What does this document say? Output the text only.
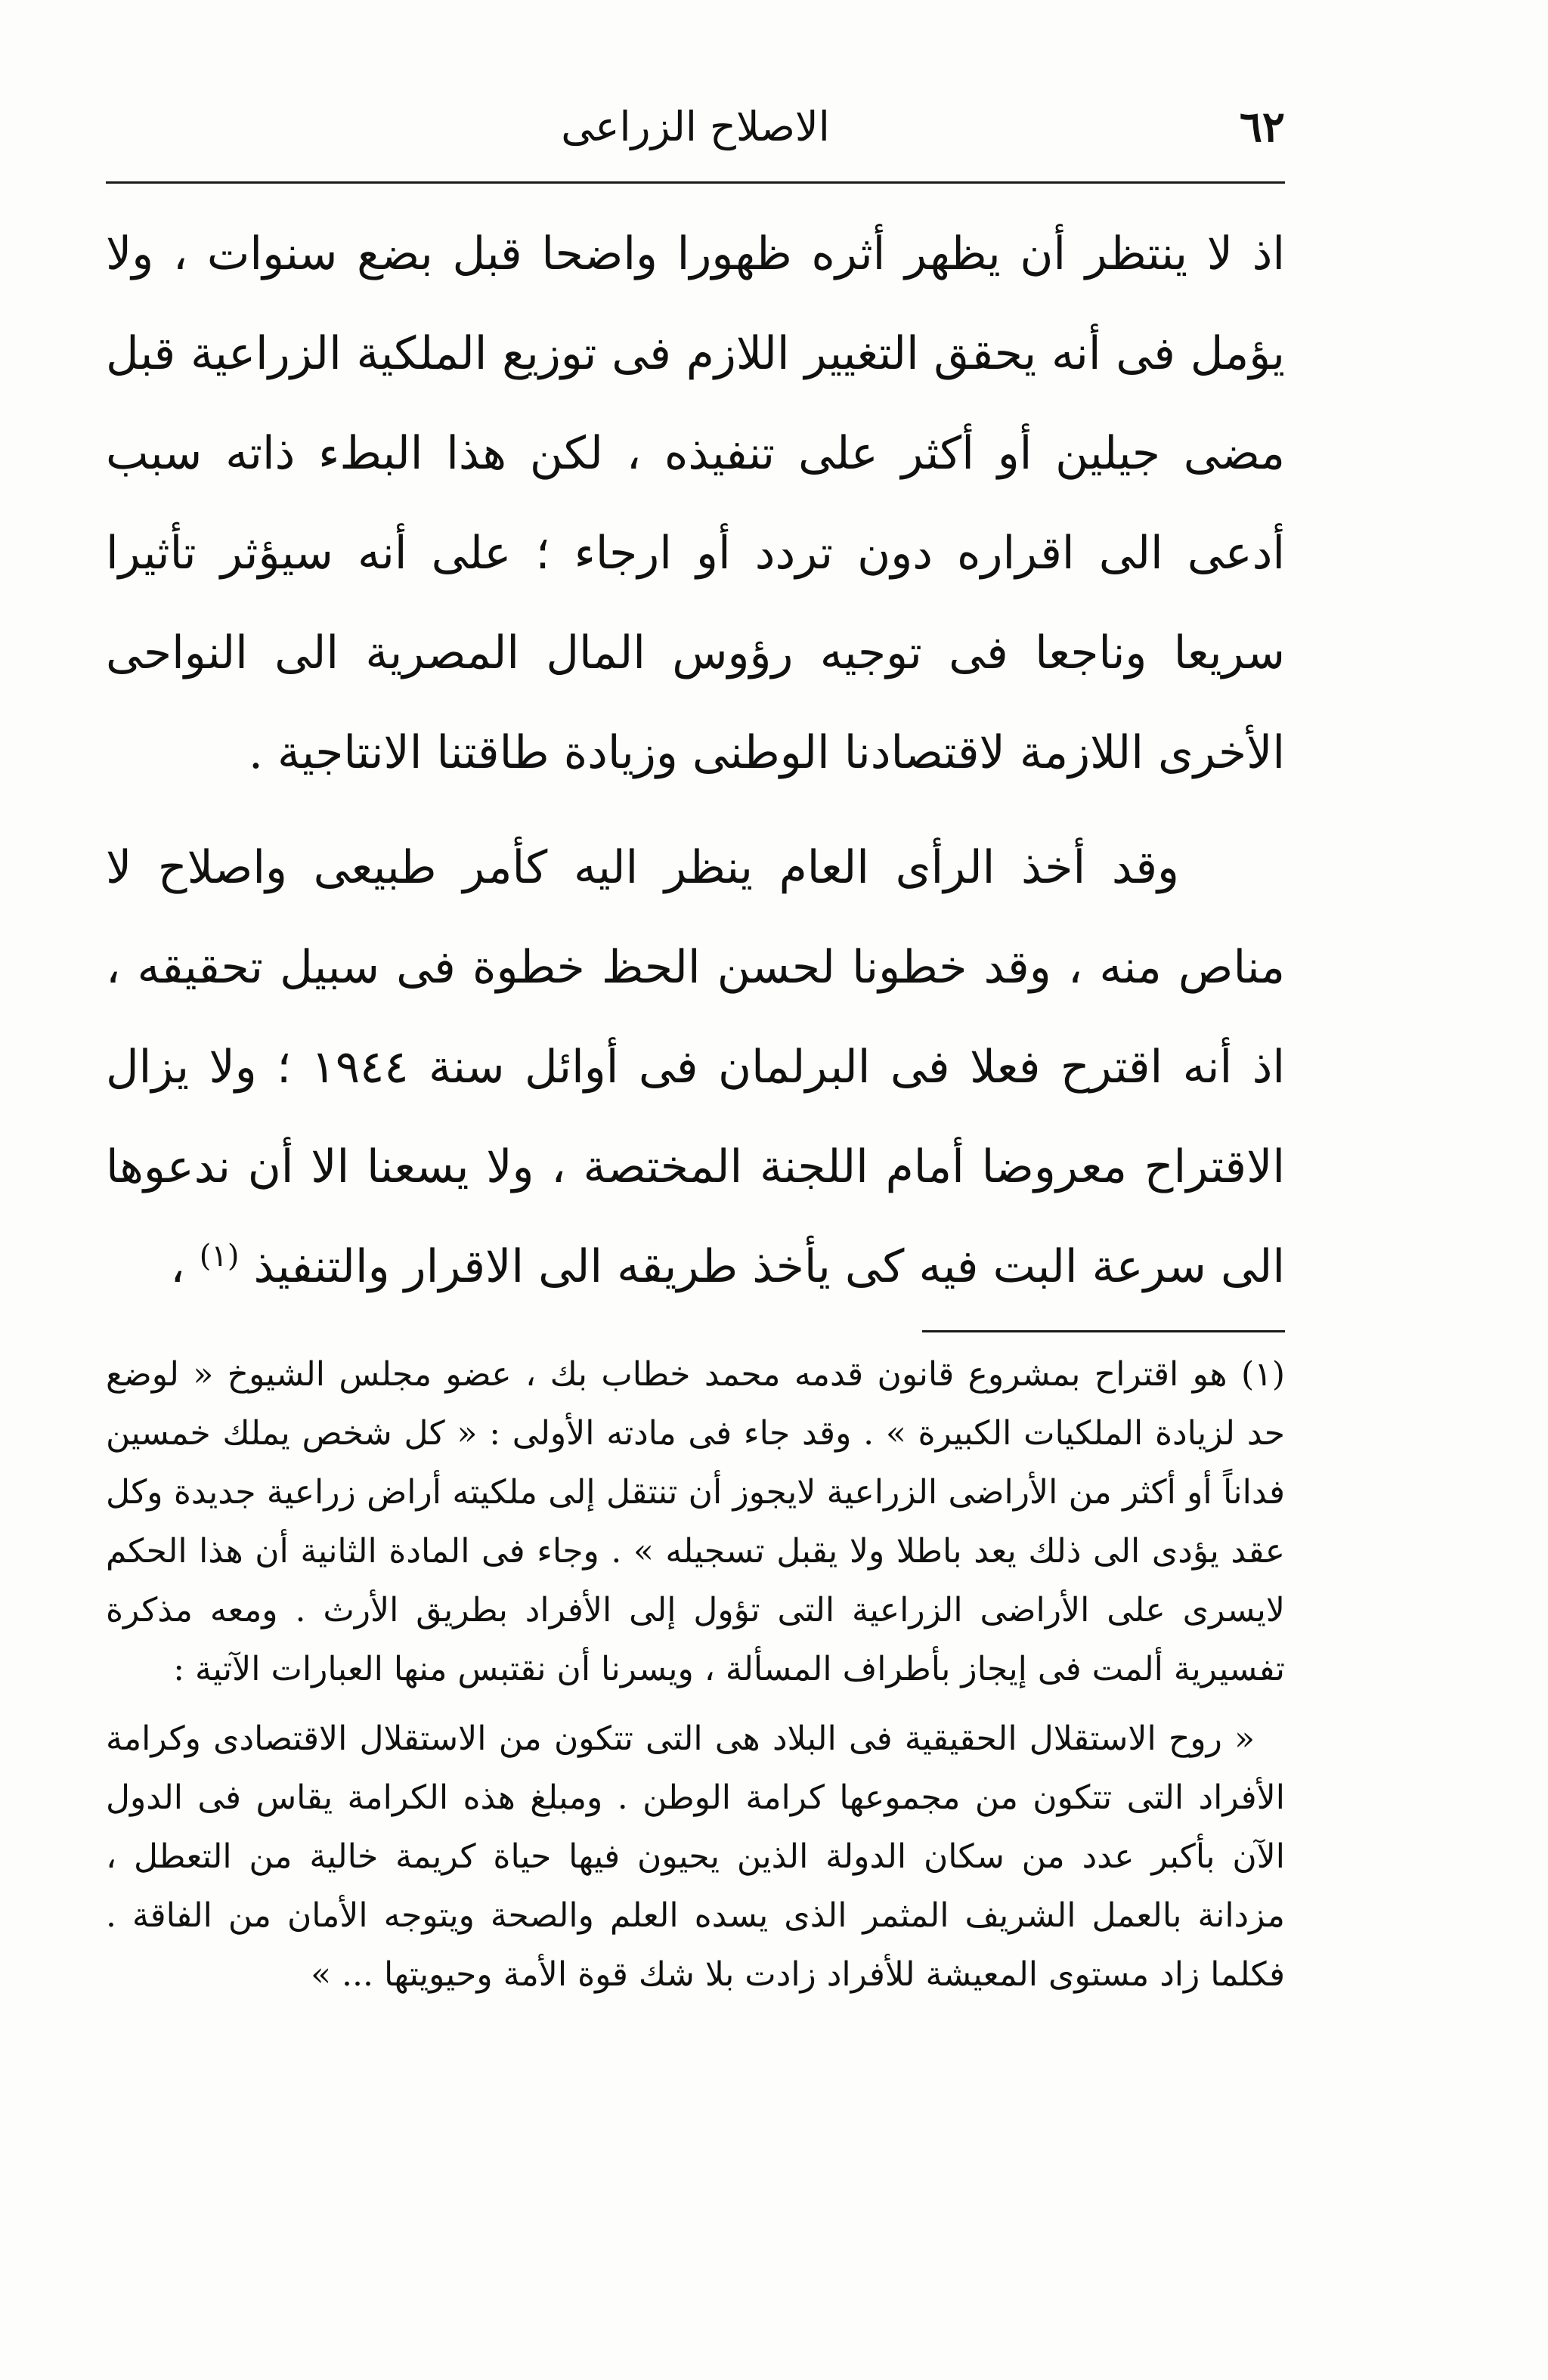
٦٢
الاصلاح الزراعى

اذ لا ينتظر أن يظهر أثره ظهورا واضحا قبل بضع سنوات ، ولا يؤمل فى أنه يحقق التغيير اللازم فى توزيع الملكية الزراعية قبل مضى جيلين أو أكثر على تنفيذه ، لكن هذا البطء ذاته سبب أدعى الى اقراره دون تردد أو ارجاء ؛ على أنه سيؤثر تأثيرا سريعا وناجعا فى توجيه رؤوس المال المصرية الى النواحى الأخرى اللازمة لاقتصادنا الوطنى وزيادة طاقتنا الانتاجية .

وقد أخذ الرأى العام ينظر اليه كأمر طبيعى واصلاح لا مناص منه ، وقد خطونا لحسن الحظ خطوة فى سبيل تحقيقه ، اذ أنه اقترح فعلا فى البرلمان فى أوائل سنة ١٩٤٤ ؛ ولا يزال الاقتراح معروضا أمام اللجنة المختصة ، ولا يسعنا الا أن ندعوها الى سرعة البت فيه كى يأخذ طريقه الى الاقرار والتنفيذ $^{(١)}$ ،

(١) هو اقتراح بمشروع قانون قدمه محمد خطاب بك ، عضو مجلس الشيوخ « لوضع حد لزيادة الملكيات الكبيرة » . وقد جاء فى مادته الأولى : « كل شخص يملك خمسين فداناً أو أكثر من الأراضى الزراعية لايجوز أن تنتقل إلى ملكيته أراض زراعية جديدة وكل عقد يؤدى الى ذلك يعد باطلا ولا يقبل تسجيله » . وجاء فى المادة الثانية أن هذا الحكم لايسرى على الأراضى الزراعية التى تؤول إلى الأفراد بطريق الأرث . ومعه مذكرة تفسيرية ألمت فى إيجاز بأطراف المسألة ، ويسرنا أن نقتبس منها العبارات الآتية :

« روح الاستقلال الحقيقية فى البلاد هى التى تتكون من الاستقلال الاقتصادى وكرامة الأفراد التى تتكون من مجموعها كرامة الوطن . ومبلغ هذه الكرامة يقاس فى الدول الآن بأكبر عدد من سكان الدولة الذين يحيون فيها حياة كريمة خالية من التعطل ، مزدانة بالعمل الشريف المثمر الذى يسده العلم والصحة ويتوجه الأمان من الفاقة . فكلما زاد مستوى المعيشة للأفراد زادت بلا شك قوة الأمة وحيويتها ... »
